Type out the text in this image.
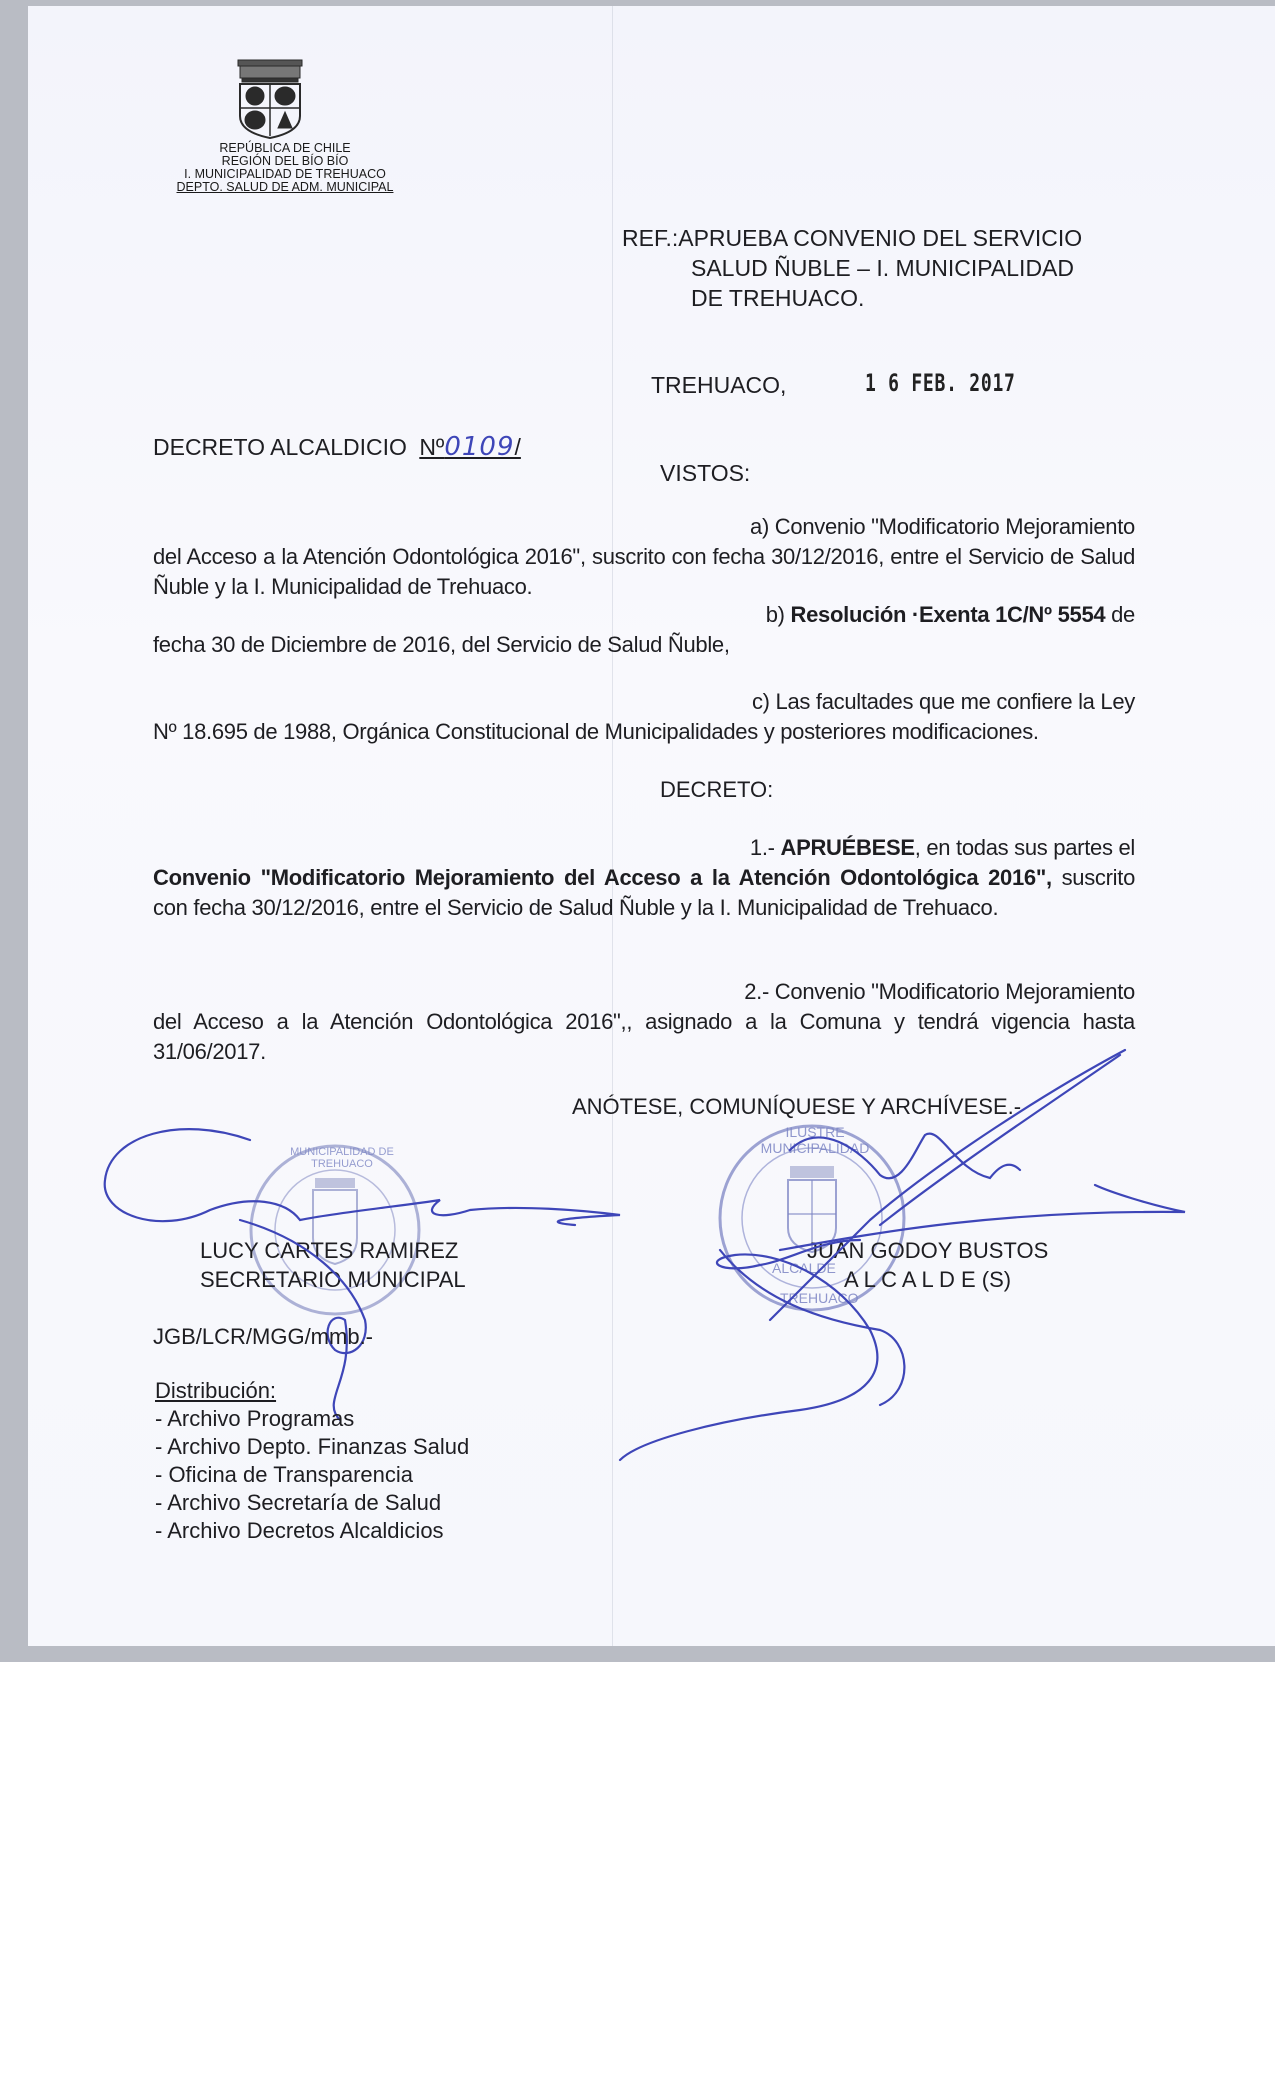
REPÚBLICA DE CHILE
REGIÓN DEL BÍO BÍO
I. MUNICIPALIDAD DE TREHUACO
DEPTO. SALUD DE ADM. MUNICIPAL
REF.:APRUEBA CONVENIO DEL SERVICIO
SALUD ÑUBLE – I. MUNICIPALIDAD
DE TREHUACO.
TREHUACO,	1 6 FEB. 2017
DECRETO ALCALDICIO Nº0109/
VISTOS:
a) Convenio "Modificatorio Mejoramiento
del Acceso a la Atención Odontológica 2016", suscrito con fecha 30/12/2016, entre el Servicio de Salud Ñuble y la I. Municipalidad de Trehuaco.
b) Resolución ·Exenta 1C/Nº 5554 de
fecha 30 de Diciembre de 2016, del Servicio de Salud Ñuble,
c) Las facultades que me confiere la Ley
Nº 18.695 de 1988, Orgánica Constitucional de Municipalidades y posteriores modificaciones.
DECRETO:
1.- APRUÉBESE, en todas sus partes el
Convenio "Modificatorio Mejoramiento del Acceso a la Atención Odontológica 2016", suscrito con fecha 30/12/2016, entre el Servicio de Salud Ñuble y la I. Municipalidad de Trehuaco.
2.- Convenio "Modificatorio Mejoramiento
del Acceso a la Atención Odontológica 2016",, asignado a la Comuna y tendrá vigencia hasta 31/06/2017.
ANÓTESE, COMUNÍQUESE Y ARCHÍVESE.-
MUNICIPALIDAD DE TREHUACO
ILUSTRE MUNICIPALIDAD
ALCALDE
TREHUACO
LUCY CARTES RAMIREZ
SECRETARIO MUNICIPAL
JUAN GODOY BUSTOS
A L C A L D E (S)
JGB/LCR/MGG/mmb.-
Distribución:
- Archivo Programas
- Archivo Depto. Finanzas Salud
- Oficina de Transparencia
- Archivo Secretaría de Salud
- Archivo Decretos Alcaldicios
